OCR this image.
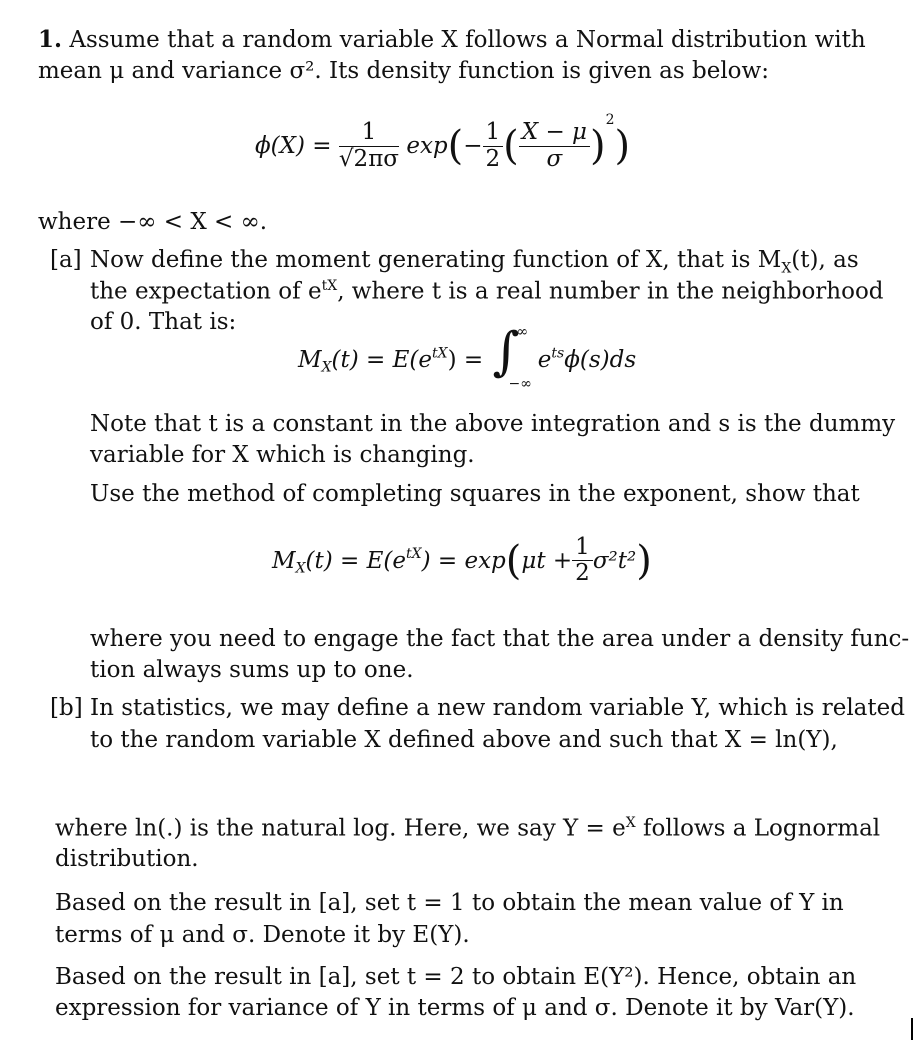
1. Assume that a random variable X follows a Normal distribution with
mean μ and variance σ². Its density function is given as below:
$\phi(X) = \frac{1}{√2\pi\sigma} \exp(- \frac{1}{2}$ ( $\frac{X - \mu}{\sigma} )^2$)
where −∞ < X < ∞.
[a] Now define the moment generating function of X, that is $M_X(t)$, as
the expectation of $e^{tX}$, where t is a real number in the neighborhood
of 0. That is:
$M_X(t) = E(e^{tX})$ = ∫
∞
−∞
$e^{ts}\phi(s)ds$
Note that t is a constant in the above integration and s is the dummy
variable for X which is changing.
Use the method of completing squares in the exponent, show that
$M_X(t) = E(e^{tX}) = \exp(\mu t + \frac{1}{2} \sigma^2t^2)$
where you need to engage the fact that the area under a density func-
tion always sums up to one.
[b] In statistics, we may define a new random variable Y, which is related
to the random variable X defined above and such that X = ln(Y),
where ln(.) is the natural log. Here, we say $Y = e^X$ follows a Lognormal
distribution.
Based on the result in [a], set t = 1 to obtain the mean value of Y in
terms of μ and σ. Denote it by E(Y).
Based on the result in [a], set t = 2 to obtain E(Y²). Hence, obtain an
expression for variance of Y in terms of μ and σ. Denote it by Var(Y).
